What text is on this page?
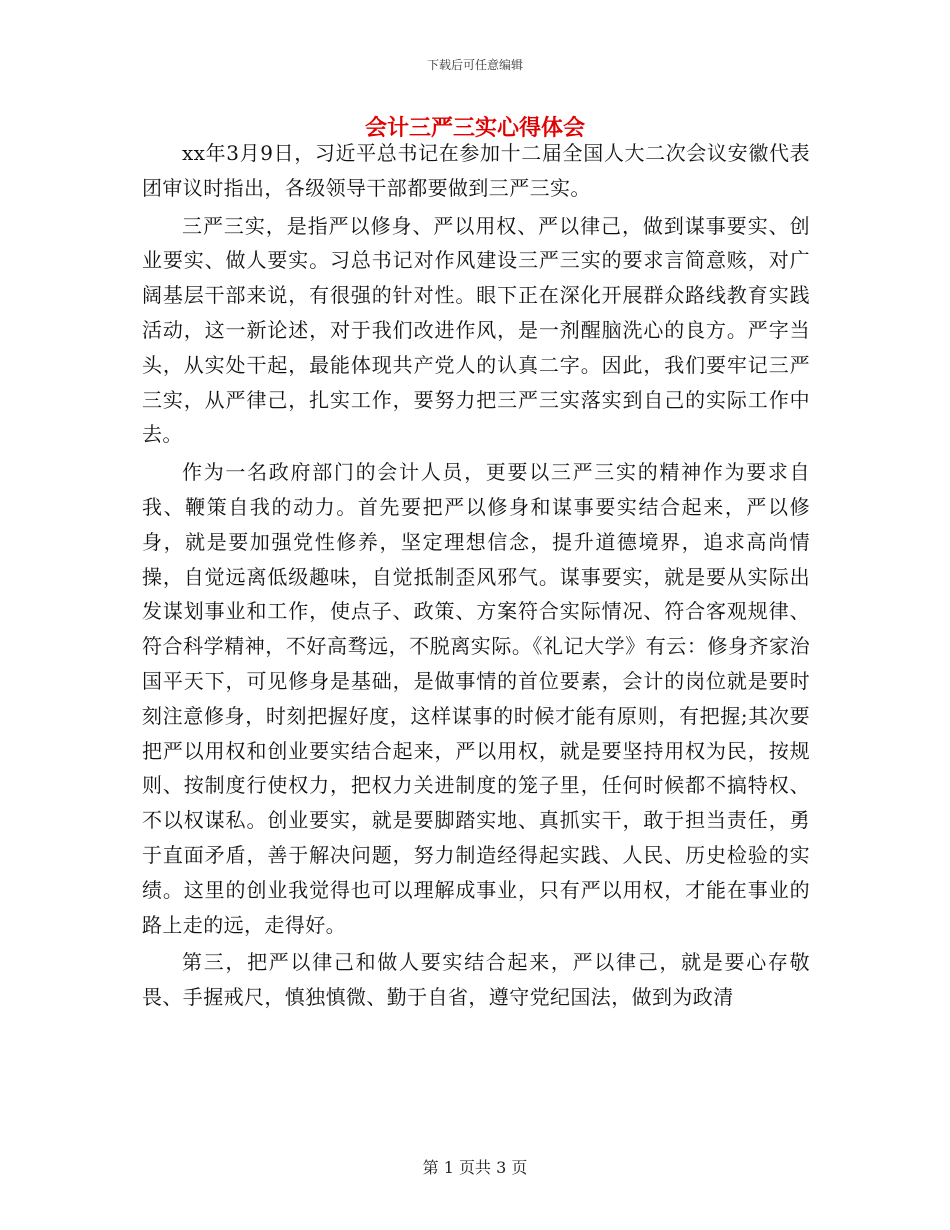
下载后可任意编辑
会计三严三实心得体会

xx年3月9日，习近平总书记在参加十二届全国人大二次会议安徽代表团审议时指出，各级领导干部都要做到三严三实。

三严三实，是指严以修身、严以用权、严以律己，做到谋事要实、创业要实、做人要实。习总书记对作风建设三严三实的要求言简意赅，对广阔基层干部来说，有很强的针对性。眼下正在深化开展群众路线教育实践活动，这一新论述，对于我们改进作风，是一剂醒脑洗心的良方。严字当头，从实处干起，最能体现共产党人的认真二字。因此，我们要牢记三严三实，从严律己，扎实工作，要努力把三严三实落实到自己的实际工作中去。

作为一名政府部门的会计人员，更要以三严三实的精神作为要求自我、鞭策自我的动力。首先要把严以修身和谋事要实结合起来，严以修身，就是要加强党性修养，坚定理想信念，提升道德境界，追求高尚情操，自觉远离低级趣味，自觉抵制歪风邪气。谋事要实，就是要从实际出发谋划事业和工作，使点子、政策、方案符合实际情况、符合客观规律、符合科学精神，不好高骛远，不脱离实际。《礼记大学》有云：修身齐家治国平天下，可见修身是基础，是做事情的首位要素，会计的岗位就是要时刻注意修身，时刻把握好度，这样谋事的时候才能有原则，有把握;其次要把严以用权和创业要实结合起来，严以用权，就是要坚持用权为民，按规则、按制度行使权力，把权力关进制度的笼子里，任何时候都不搞特权、不以权谋私。创业要实，就是要脚踏实地、真抓实干，敢于担当责任，勇于直面矛盾，善于解决问题，努力制造经得起实践、人民、历史检验的实绩。这里的创业我觉得也可以理解成事业，只有严以用权，才能在事业的路上走的远，走得好。

第三，把严以律己和做人要实结合起来，严以律己，就是要心存敬畏、手握戒尺，慎独慎微、勤于自省，遵守党纪国法，做到为政清

第 1 页共 3 页
